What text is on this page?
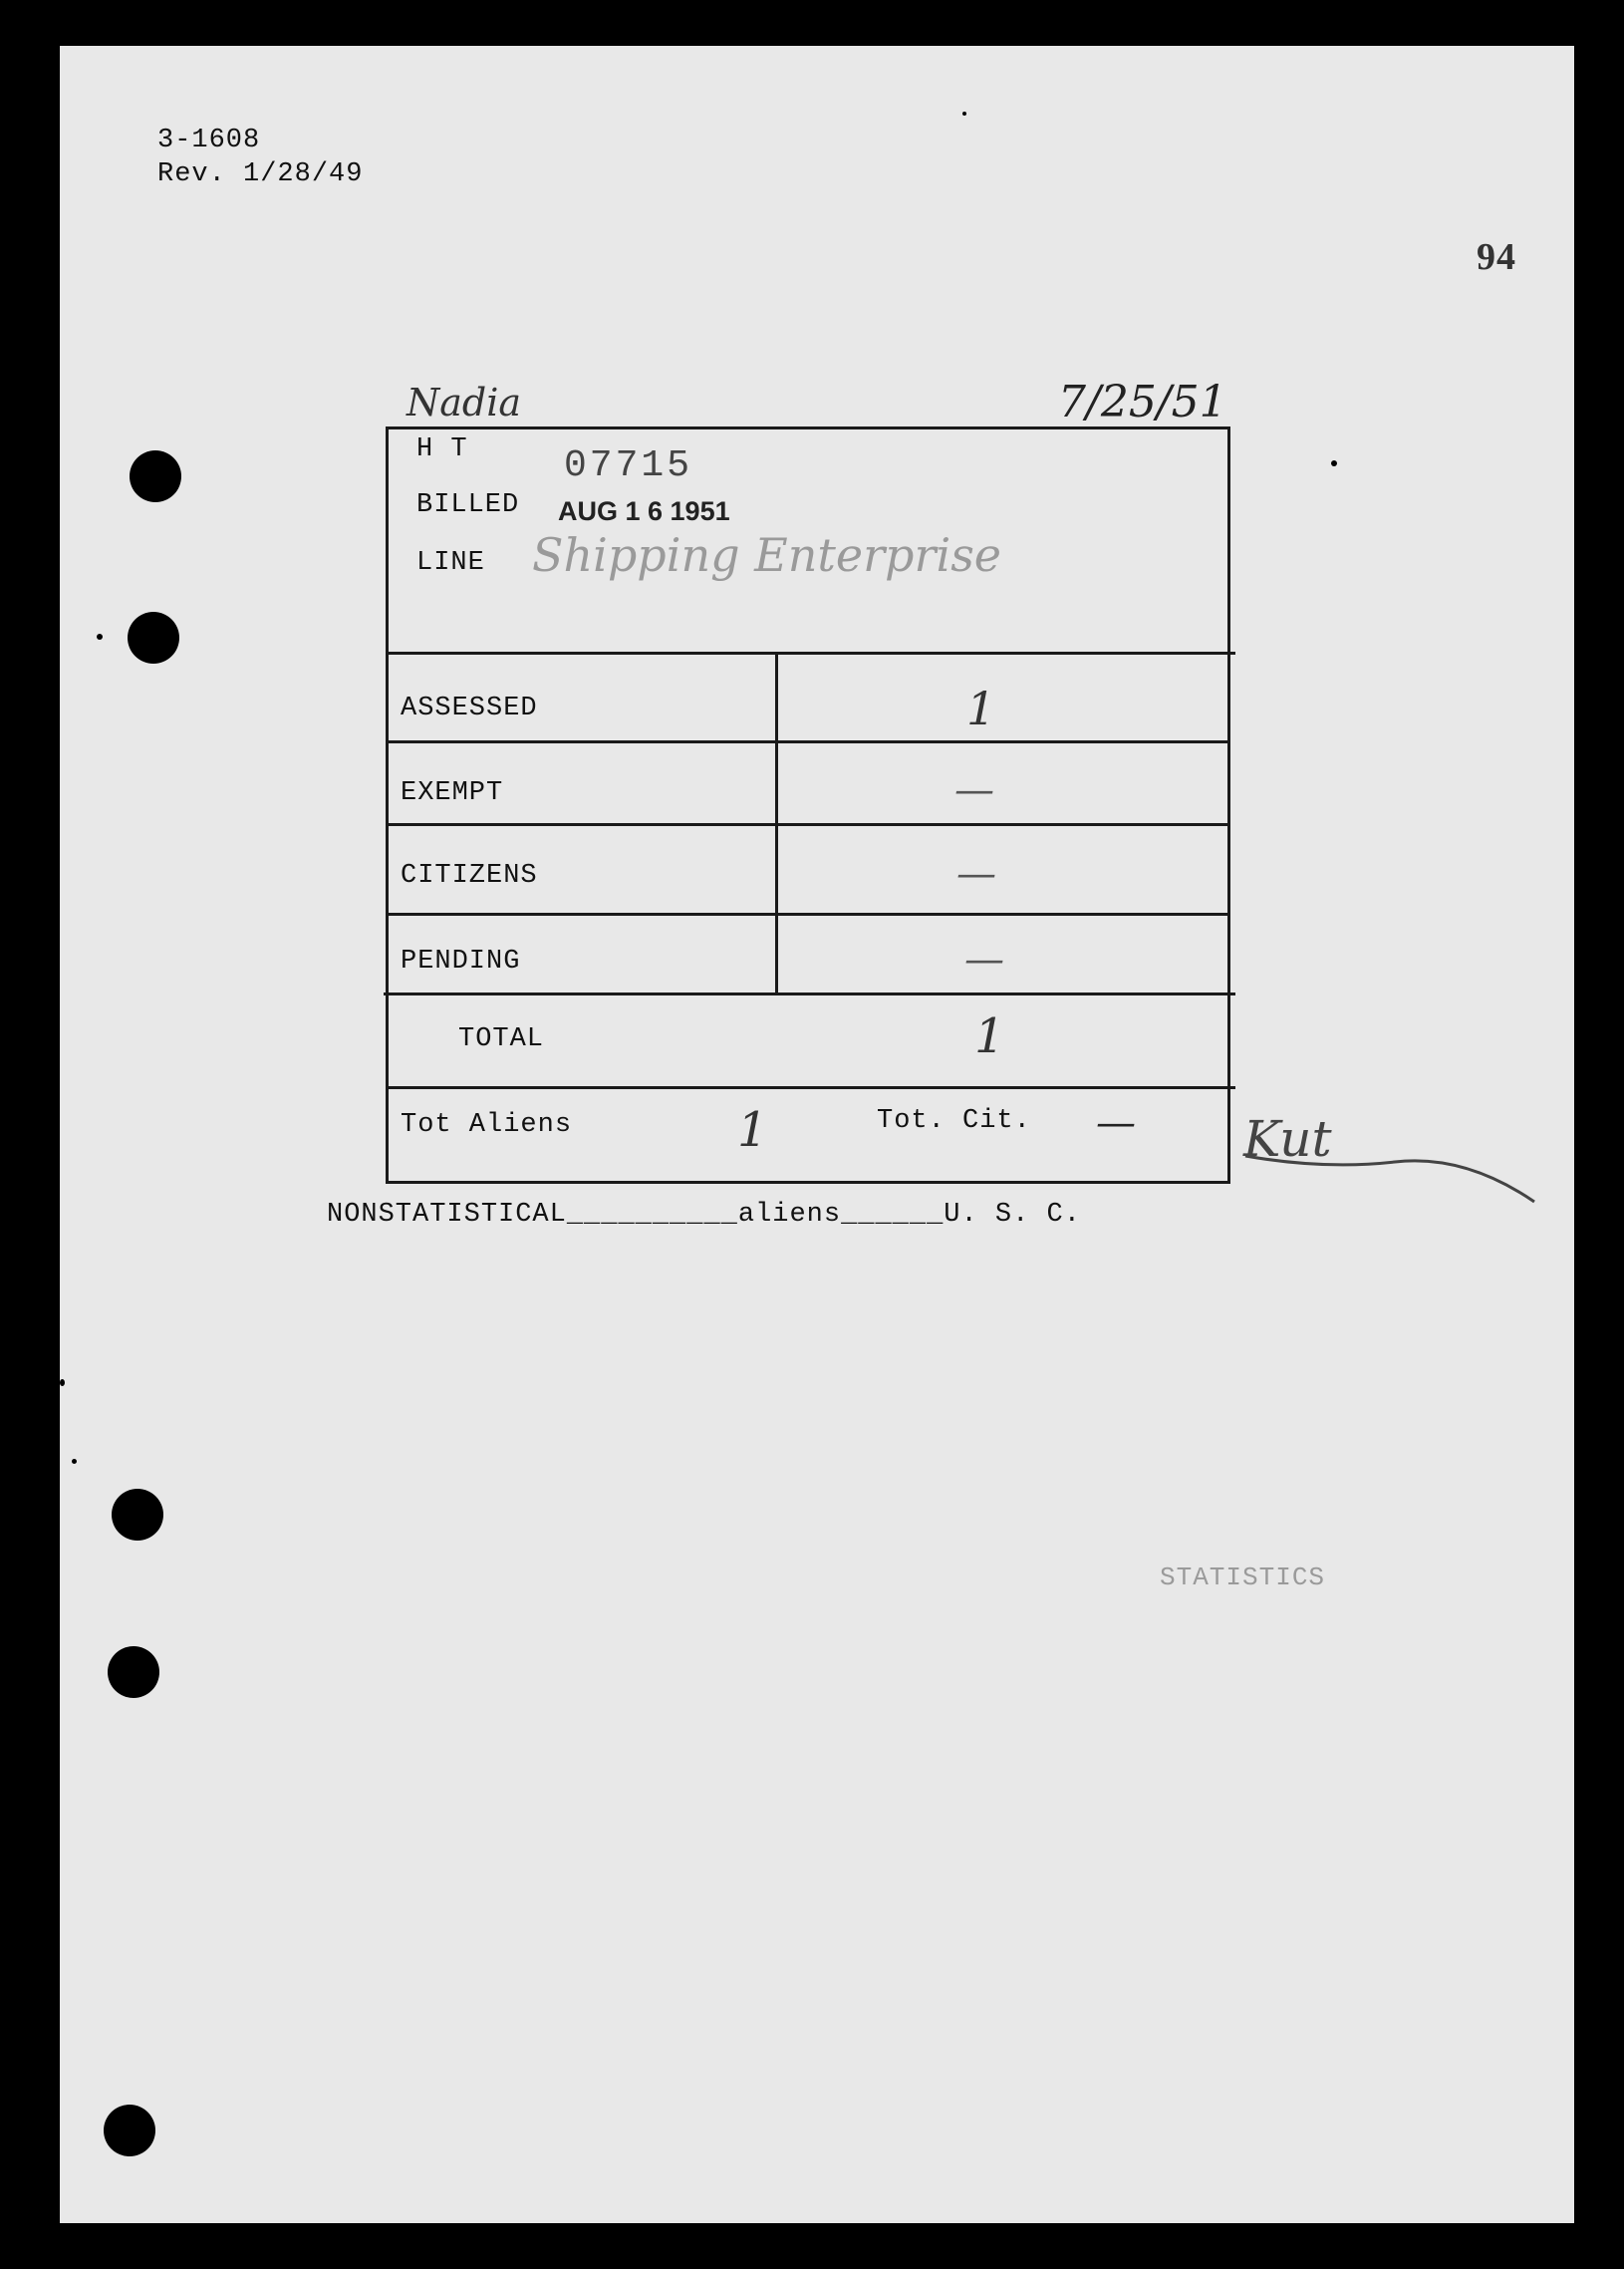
3-1608
Rev. 1/28/49
94
Nadia	7/25/51
H T	07715
BILLED AUG 1 6 1951
LINE Shipping Enterprise
ASSESSED	1
EXEMPT	—
CITIZENS	—
PENDING	—
TOTAL	1
Tot Aliens	1	Tot. Cit. — Kut
NONSTATISTICAL__________aliens______U. S. C.
STATISTICS
